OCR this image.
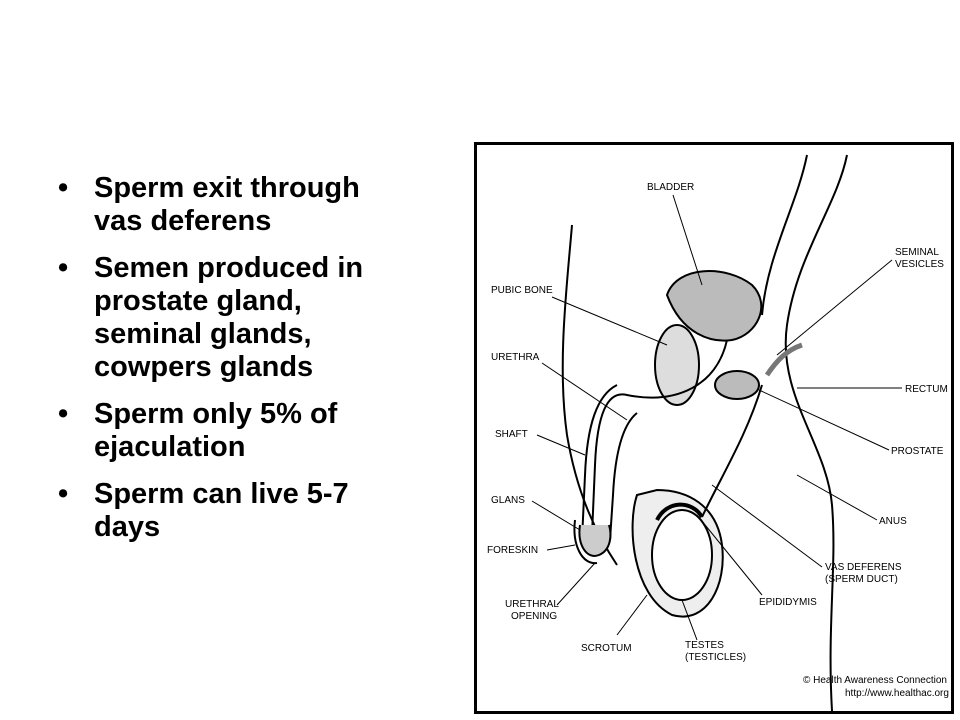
• Sperm exit through
vas deferens
• Semen produced in
prostate gland,
seminal glands,
cowpers glands
• Sperm only 5% of
ejaculation
• Sperm can live 5-7
days
BLADDER
SEMINAL
VESICLES
PUBIC BONE
URETHRA
RECTUM
SHAFT
PROSTATE
GLANS
ANUS
FORESKIN
VAS DEFERENS
(SPERM DUCT)
URETHRAL
OPENING
EPIDIDYMIS
SCROTUM	TESTES
(TESTICLES)
© Health Awareness Connection
http://www.healthac.org
